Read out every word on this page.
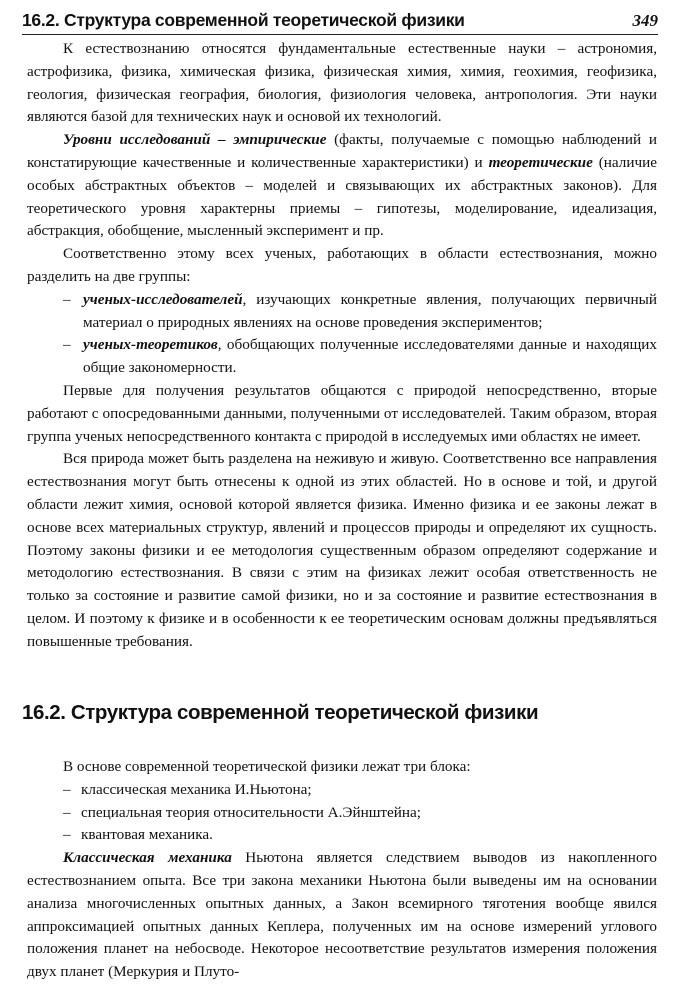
16.2. Структура современной теоретической физики	349

К естествознанию относятся фундаментальные естественные науки – астрономия, астрофизика, физика, химическая физика, физическая химия, химия, геохимия, геофизика, геология, физическая география, биология, физиология человека, антропология. Эти науки являются базой для технических наук и основой их технологий.

Уровни исследований – эмпирические (факты, получаемые с помощью наблюдений и констатирующие качественные и количественные характеристики) и теоретические (наличие особых абстрактных объектов – моделей и связывающих их абстрактных законов). Для теоретического уровня характерны приемы – гипотезы, моделирование, идеализация, абстракция, обобщение, мысленный эксперимент и пр.

Соответственно этому всех ученых, работающих в области естествознания, можно разделить на две группы:

– ученых-исследователей, изучающих конкретные явления, получающих первичный материал о природных явлениях на основе проведения экспериментов;
– ученых-теоретиков, обобщающих полученные исследователями данные и находящих общие закономерности.

Первые для получения результатов общаются с природой непосредственно, вторые работают с опосредованными данными, полученными от исследователей. Таким образом, вторая группа ученых непосредственного контакта с природой в исследуемых ими областях не имеет.

Вся природа может быть разделена на неживую и живую. Соответственно все направления естествознания могут быть отнесены к одной из этих областей. Но в основе и той, и другой области лежит химия, основой которой является физика. Именно физика и ее законы лежат в основе всех материальных структур, явлений и процессов природы и определяют их сущность. Поэтому законы физики и ее методология существенным образом определяют содержание и методологию естествознания. В связи с этим на физиках лежит особая ответственность не только за состояние и развитие самой физики, но и за состояние и развитие естествознания в целом. И поэтому к физике и в особенности к ее теоретическим основам должны предъявляться повышенные требования.

16.2. Структура современной теоретической физики

В основе современной теоретической физики лежат три блока:

– классическая механика И.Ньютона;
– специальная теория относительности А.Эйнштейна;
– квантовая механика.

Классическая механика Ньютона является следствием выводов из накопленного естествознанием опыта. Все три закона механики Ньютона были выведены им на основании анализа многочисленных опытных данных, а Закон всемирного тяготения вообще явился аппроксимацией опытных данных Кеплера, полученных им на основе измерений углового положения планет на небосводе. Некоторое несоответствие результатов измерения положения двух планет (Меркурия и Плуто-
